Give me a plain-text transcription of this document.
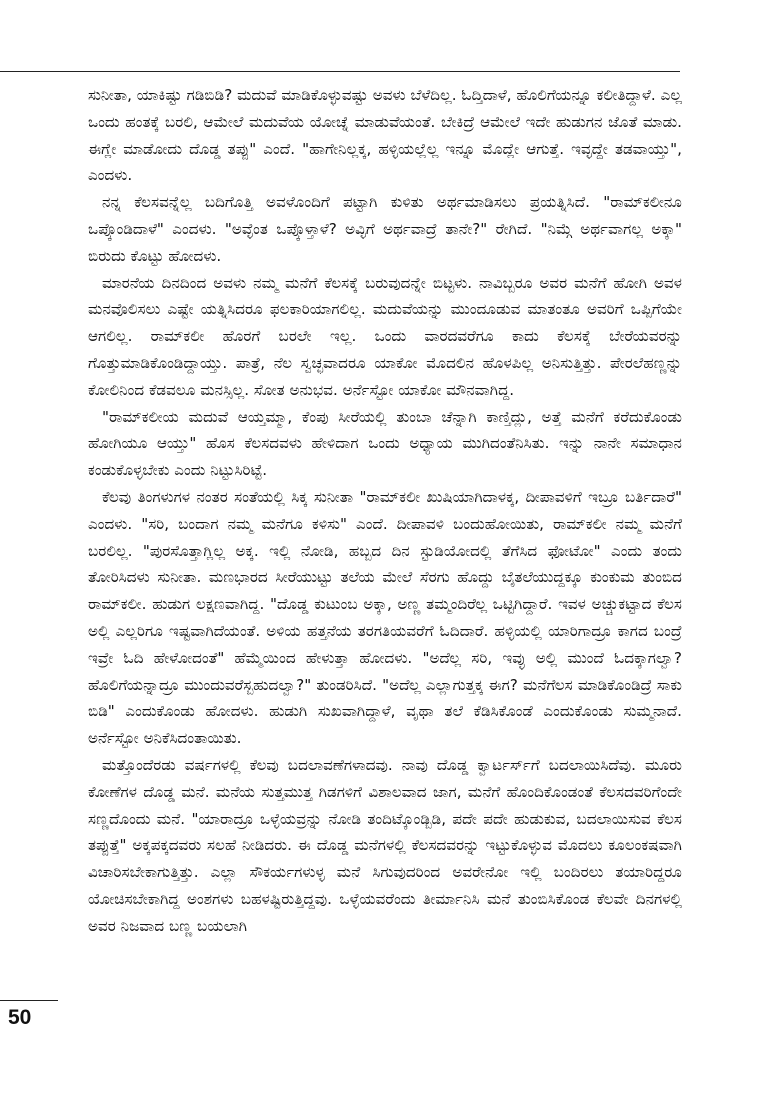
ಸುನೀತಾ, ಯಾಕಿಷ್ಟು ಗಡಿಬಿಡಿ? ಮದುವೆ ಮಾಡಿಕೊಳ್ಳುವಷ್ಟು ಅವಳು ಬೆಳೆದಿಲ್ಲ. ಓದ್ತಿದಾಳೆ, ಹೊಲಿಗೆಯನ್ನೂ ಕಲೀತಿದ್ದಾಳೆ. ಎಲ್ಲ ಒಂದು ಹಂತಕ್ಕೆ ಬರಲಿ, ಆಮೇಲೆ ಮದುವೆಯ ಯೋಚ್ನೆ ಮಾಡುವೆಯಂತೆ. ಬೇಕಿದ್ರೆ ಆಮೇಲೆ ಇದೇ ಹುಡುಗನ ಜೊತೆ ಮಾಡು. ಈಗ್ಲೇ ಮಾಡೋದು ದೊಡ್ಡ ತಪ್ಪು" ಎಂದೆ. "ಹಾಗೇನಿಲ್ಲಕ್ಕ, ಹಳ್ಳಿಯಲ್ಲೆಲ್ಲ ಇನ್ನೂ ಮೊದ್ಲೇ ಆಗುತ್ತೆ. ಇವ್ಳದ್ದೇ ತಡವಾಯ್ತು", ಎಂದಳು.

ನನ್ನ ಕೆಲಸವನ್ನೆಲ್ಲ ಬದಿಗೊತ್ತಿ ಅವಳೊಂದಿಗೆ ಪಟ್ಟಾಗಿ ಕುಳಿತು ಅರ್ಥಮಾಡಿಸಲು ಪ್ರಯತ್ನಿಸಿದೆ. "ರಾಮ್‌ಕಲೀನೂ ಒಪ್ಕೊಂಡಿದಾಳೆ" ಎಂದಳು. "ಅವ್ಳೆಂತ ಒಪ್ಕೊಳ್ತಾಳೆ? ಅವ್ಳಿಗೆ ಅರ್ಥವಾದ್ರೆ ತಾನೇ?" ರೇಗಿದೆ. "ನಿಮ್ಗೆ ಅರ್ಥವಾಗಲ್ಲ ಅಕ್ಕಾ" ಬಿರುದು ಕೊಟ್ಟು ಹೋದಳು.

ಮಾರನೆಯ ದಿನದಿಂದ ಅವಳು ನಮ್ಮ ಮನೆಗೆ ಕೆಲಸಕ್ಕೆ ಬರುವುದನ್ನೇ ಬಿಟ್ಟಳು. ನಾವಿಬ್ಬರೂ ಅವರ ಮನೆಗೆ ಹೋಗಿ ಅವಳ ಮನವೊಲಿಸಲು ಎಷ್ಟೇ ಯತ್ನಿಸಿದರೂ ಫಲಕಾರಿಯಾಗಲಿಲ್ಲ. ಮದುವೆಯನ್ನು ಮುಂದೂಡುವ ಮಾತಂತೂ ಅವರಿಗೆ ಒಪ್ಪಿಗೆಯೇ ಆಗಲಿಲ್ಲ. ರಾಮ್‌ಕಲೀ ಹೊರಗೆ ಬರಲೇ ಇಲ್ಲ. ಒಂದು ವಾರದವರೆಗೂ ಕಾದು ಕೆಲಸಕ್ಕೆ ಬೇರೆಯವರನ್ನು ಗೊತ್ತುಮಾಡಿಕೊಂಡಿದ್ದಾಯ್ತು. ಪಾತ್ರೆ, ನೆಲ ಸ್ವಚ್ಛವಾದರೂ ಯಾಕೋ ಮೊದಲಿನ ಹೊಳಪಿಲ್ಲ ಅನಿಸುತ್ತಿತ್ತು. ಪೇರಲೆಹಣ್ಣನ್ನು ಕೋಲಿನಿಂದ ಕೆಡವಲೂ ಮನಸ್ಸಿಲ್ಲ. ಸೋತ ಅನುಭವ. ಅರ್ನೆಸ್ಟೋ ಯಾಕೋ ಮೌನವಾಗಿದ್ದ.

"ರಾಮ್‌ಕಲೀಯ ಮದುವೆ ಆಯ್ತಮ್ಮಾ, ಕೆಂಪು ಸೀರೆಯಲ್ಲಿ ತುಂಬಾ ಚೆನ್ನಾಗಿ ಕಾಣ್ತಿದ್ಲು, ಅತ್ತೆ ಮನೆಗೆ ಕರೆದುಕೊಂಡು ಹೋಗಿಯೂ ಆಯ್ತು" ಹೊಸ ಕೆಲಸದವಳು ಹೇಳಿದಾಗ ಒಂದು ಅಧ್ಯಾಯ ಮುಗಿದಂತೆನಿಸಿತು. ಇನ್ನು ನಾನೇ ಸಮಾಧಾನ ಕಂಡುಕೊಳ್ಳಬೇಕು ಎಂದು ನಿಟ್ಟುಸಿರಿಟ್ಟೆ.

ಕೆಲವು ತಿಂಗಳುಗಳ ನಂತರ ಸಂತೆಯಲ್ಲಿ ಸಿಕ್ಕ ಸುನೀತಾ "ರಾಮ್‌ಕಲೀ ಖುಷಿಯಾಗಿದಾಳಕ್ಕ, ದೀಪಾವಳಿಗೆ ಇಬ್ರೂ ಬರ್ತಿದಾರೆ" ಎಂದಳು. "ಸರಿ, ಬಂದಾಗ ನಮ್ಮ ಮನೆಗೂ ಕಳಿಸು" ಎಂದೆ. ದೀಪಾವಳಿ ಬಂದುಹೋಯಿತು, ರಾಮ್‌ಕಲೀ ನಮ್ಮ ಮನೆಗೆ ಬರಲಿಲ್ಲ. "ಪುರಸೊತ್ತಾಗ್ಲಿಲ್ಲ ಅಕ್ಕ. ಇಲ್ಲಿ ನೋಡಿ, ಹಬ್ಬದ ದಿನ ಸ್ಟುಡಿಯೋದಲ್ಲಿ ತೆಗೆಸಿದ ಫೋಟೋ" ಎಂದು ತಂದು ತೋರಿಸಿದಳು ಸುನೀತಾ. ಮಣಭಾರದ ಸೀರೆಯುಟ್ಟು ತಲೆಯ ಮೇಲೆ ಸೆರಗು ಹೊದ್ದು ಬೈತಲೆಯುದ್ದಕ್ಕೂ ಕುಂಕುಮ ತುಂಬಿದ ರಾಮ್‌ಕಲೀ. ಹುಡುಗ ಲಕ್ಷಣವಾಗಿದ್ದ. "ದೊಡ್ಡ ಕುಟುಂಬ ಅಕ್ಕಾ, ಅಣ್ಣ ತಮ್ಮಂದಿರೆಲ್ಲ ಒಟ್ಟಿಗಿದ್ದಾರೆ. ಇವಳ ಅಚ್ಚುಕಟ್ಟಾದ ಕೆಲಸ ಅಲ್ಲಿ ಎಲ್ಲರಿಗೂ ಇಷ್ಟವಾಗಿದೆಯಂತೆ. ಅಳಿಯ ಹತ್ತನೆಯ ತರಗತಿಯವರೆಗೆ ಓದಿದಾರೆ. ಹಳ್ಳಿಯಲ್ಲಿ ಯಾರಿಗಾದ್ರೂ ಕಾಗದ ಬಂದ್ರೆ ಇವ್ರೇ ಓದಿ ಹೇಳೋದಂತೆ" ಹೆಮ್ಮೆಯಿಂದ ಹೇಳುತ್ತಾ ಹೋದಳು. "ಅದೆಲ್ಲ ಸರಿ, ಇವ್ಳು ಅಲ್ಲಿ ಮುಂದೆ ಓದಕ್ಕಾಗಲ್ವಾ? ಹೊಲಿಗೆಯನ್ನಾದ್ರೂ ಮುಂದುವರೆಸ್ಬಹುದಲ್ವಾ?" ತುಂಡರಿಸಿದೆ. "ಅದೆಲ್ಲ ಎಲ್ಲಾಗುತ್ತಕ್ಕ ಈಗ? ಮನೆಗೆಲಸ ಮಾಡಿಕೊಂಡಿದ್ರೆ ಸಾಕು ಬಿಡಿ" ಎಂದುಕೊಂಡು ಹೋದಳು. ಹುಡುಗಿ ಸುಖವಾಗಿದ್ದಾಳೆ, ವೃಥಾ ತಲೆ ಕೆಡಿಸಿಕೊಂಡೆ ಎಂದುಕೊಂಡು ಸುಮ್ಮನಾದೆ. ಅರ್ನೆಸ್ಟೋ ಅನಿಕೆಸಿದಂತಾಯಿತು.

ಮತ್ತೊಂದೆರಡು ವರ್ಷಗಳಲ್ಲಿ ಕೆಲವು ಬದಲಾವಣೆಗಳಾದವು. ನಾವು ದೊಡ್ಡ ಕ್ವಾರ್ಟರ್ಸ್‌ಗೆ ಬದಲಾಯಿಸಿದೆವು. ಮೂರು ಕೋಣೆಗಳ ದೊಡ್ಡ ಮನೆ. ಮನೆಯ ಸುತ್ತಮುತ್ತ ಗಿಡಗಳಿಗೆ ವಿಶಾಲವಾದ ಜಾಗ, ಮನೆಗೆ ಹೊಂದಿಕೊಂಡಂತೆ ಕೆಲಸದವರಿಗೆಂದೇ ಸಣ್ಣದೊಂದು ಮನೆ. "ಯಾರಾದ್ರೂ ಒಳ್ಳೆಯವ್ರನ್ನು ನೋಡಿ ತಂದಿಟ್ಕೊಂಡ್ಬಿಡಿ, ಪದೇ ಪದೇ ಹುಡುಕುವ, ಬದಲಾಯಿಸುವ ಕೆಲಸ ತಪ್ಪುತ್ತೆ" ಅಕ್ಕಪಕ್ಕದವರು ಸಲಹೆ ನೀಡಿದರು. ಈ ದೊಡ್ಡ ಮನೆಗಳಲ್ಲಿ ಕೆಲಸದವರನ್ನು ಇಟ್ಟುಕೊಳ್ಳುವ ಮೊದಲು ಕೂಲಂಕಷವಾಗಿ ವಿಚಾರಿಸಬೇಕಾಗುತ್ತಿತ್ತು. ಎಲ್ಲಾ ಸೌಕರ್ಯಗಳುಳ್ಳ ಮನೆ ಸಿಗುವುದರಿಂದ ಅವರೇನೋ ಇಲ್ಲಿ ಬಂದಿರಲು ತಯಾರಿದ್ದರೂ ಯೋಚಿಸಬೇಕಾಗಿದ್ದ ಅಂಶಗಳು ಬಹಳಷ್ಟಿರುತ್ತಿದ್ದವು. ಒಳ್ಳೆಯವರೆಂದು ತೀರ್ಮಾನಿಸಿ ಮನೆ ತುಂಬಿಸಿಕೊಂಡ ಕೆಲವೇ ದಿನಗಳಲ್ಲಿ ಅವರ ನಿಜವಾದ ಬಣ್ಣ ಬಯಲಾಗಿ

50
